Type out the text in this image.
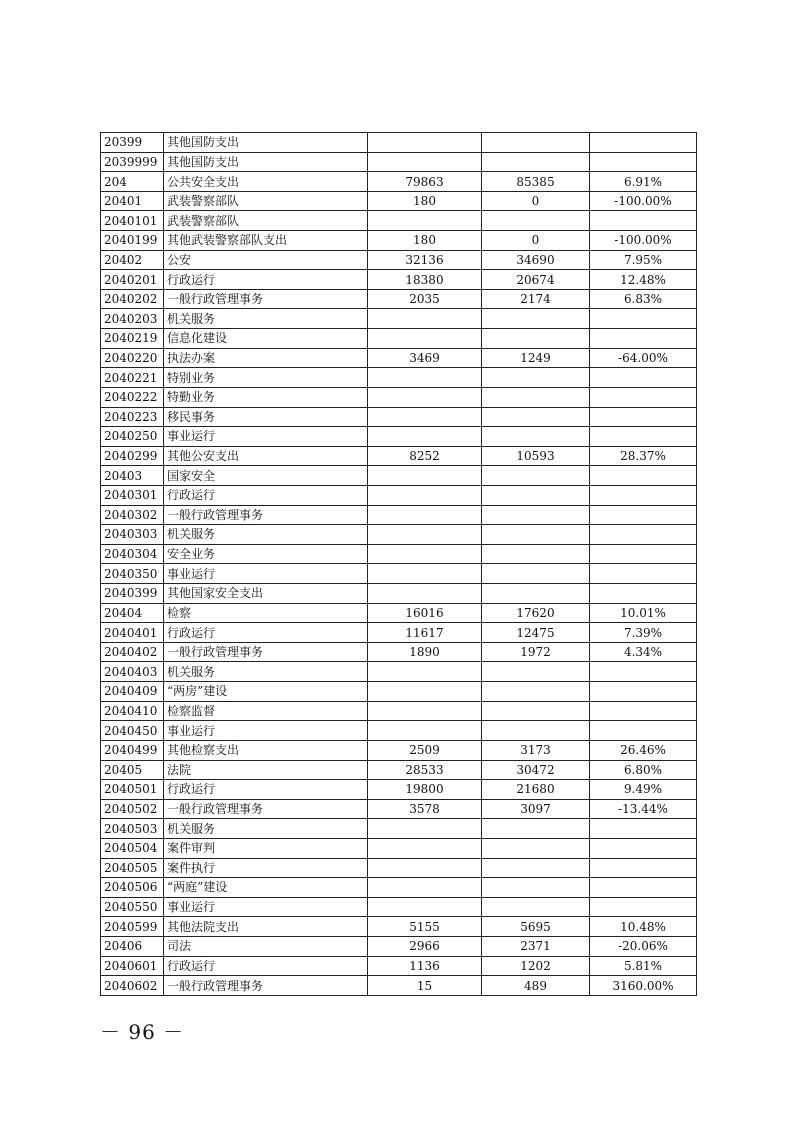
20399	其他国防支出			
2039999	其他国防支出			
204	公共安全支出	79863	85385	6.91%
20401	武装警察部队	180	0	-100.00%
2040101	武装警察部队			
2040199	其他武装警察部队支出	180	0	-100.00%
20402	公安	32136	34690	7.95%
2040201	行政运行	18380	20674	12.48%
2040202	一般行政管理事务	2035	2174	6.83%
2040203	机关服务			
2040219	信息化建设			
2040220	执法办案	3469	1249	-64.00%
2040221	特别业务			
2040222	特勤业务			
2040223	移民事务			
2040250	事业运行			
2040299	其他公安支出	8252	10593	28.37%
20403	国家安全			
2040301	行政运行			
2040302	一般行政管理事务			
2040303	机关服务			
2040304	安全业务			
2040350	事业运行			
2040399	其他国家安全支出			
20404	检察	16016	17620	10.01%
2040401	行政运行	11617	12475	7.39%
2040402	一般行政管理事务	1890	1972	4.34%
2040403	机关服务			
2040409	“两房”建设			
2040410	检察监督			
2040450	事业运行			
2040499	其他检察支出	2509	3173	26.46%
20405	法院	28533	30472	6.80%
2040501	行政运行	19800	21680	9.49%
2040502	一般行政管理事务	3578	3097	-13.44%
2040503	机关服务			
2040504	案件审判			
2040505	案件执行			
2040506	“两庭”建设			
2040550	事业运行			
2040599	其他法院支出	5155	5695	10.48%
20406	司法	2966	2371	-20.06%
2040601	行政运行	1136	1202	5.81%
2040602	一般行政管理事务	15	489	3160.00%
－ 96 －
